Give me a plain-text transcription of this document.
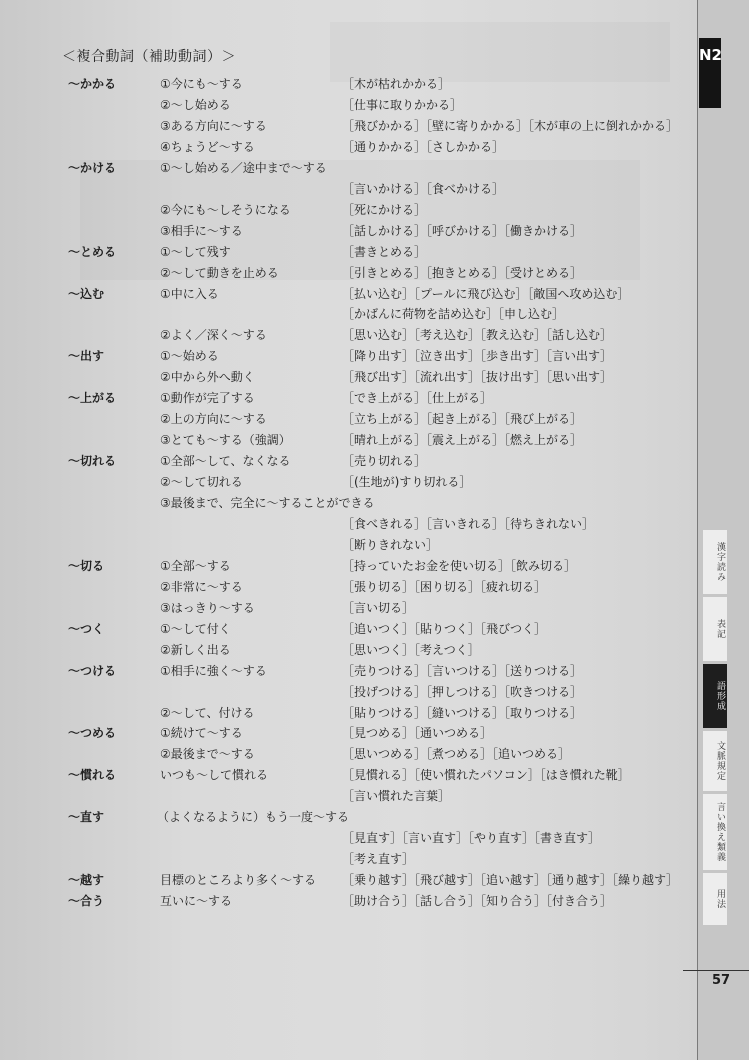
＜複合動詞（補助動詞）＞
～かかる	①今にも～する	［木が枯れかかる］
②～し始める	［仕事に取りかかる］
③ある方向に～する	［飛びかかる］［壁に寄りかかる］［木が車の上に倒れかかる］
④ちょうど～する	［通りかかる］［さしかかる］
～かける	①～し始める／途中まで～する
［言いかける］［食べかける］
②今にも～しそうになる	［死にかける］
③相手に～する	［話しかける］［呼びかける］［働きかける］
～とめる	①～して残す	［書きとめる］
②～して動きを止める	［引きとめる］［抱きとめる］［受けとめる］
～込む	①中に入る	［払い込む］［プールに飛び込む］［敵国へ攻め込む］
［かばんに荷物を詰め込む］［申し込む］
②よく／深く～する	［思い込む］［考え込む］［教え込む］［話し込む］
～出す	①～始める	［降り出す］［泣き出す］［歩き出す］［言い出す］
②中から外へ動く	［飛び出す］［流れ出す］［抜け出す］［思い出す］
～上がる	①動作が完了する	［でき上がる］［仕上がる］
②上の方向に～する	［立ち上がる］［起き上がる］［飛び上がる］
③とても～する（強調）	［晴れ上がる］［震え上がる］［燃え上がる］
～切れる	①全部～して、なくなる	［売り切れる］
②～して切れる	［(生地が)すり切れる］
③最後まで、完全に～することができる
［食べきれる］［言いきれる］［待ちきれない］
［断りきれない］
～切る	①全部～する	［持っていたお金を使い切る］［飲み切る］
②非常に～する	［張り切る］［困り切る］［疲れ切る］
③はっきり～する	［言い切る］
～つく	①～して付く	［追いつく］［貼りつく］［飛びつく］
②新しく出る	［思いつく］［考えつく］
～つける	①相手に強く～する	［売りつける］［言いつける］［送りつける］
［投げつける］［押しつける］［吹きつける］
②～して、付ける	［貼りつける］［縫いつける］［取りつける］
～つめる	①続けて～する	［見つめる］［通いつめる］
②最後まで～する	［思いつめる］［煮つめる］［追いつめる］
～慣れる	いつも～して慣れる	［見慣れる］［使い慣れたパソコン］［はき慣れた靴］
［言い慣れた言葉］
～直す	（よくなるように）もう一度～する
［見直す］［言い直す］［やり直す］［書き直す］
［考え直す］
～越す	目標のところより多く～する ［乗り越す］［飛び越す］［追い越す］［通り越す］［繰り越す］
～合う	互いに～する	［助け合う］［話し合う］［知り合う］［付き合う］
N2
漢字読み
表記
語形成
文脈規定
言い換え類義
用法
57
